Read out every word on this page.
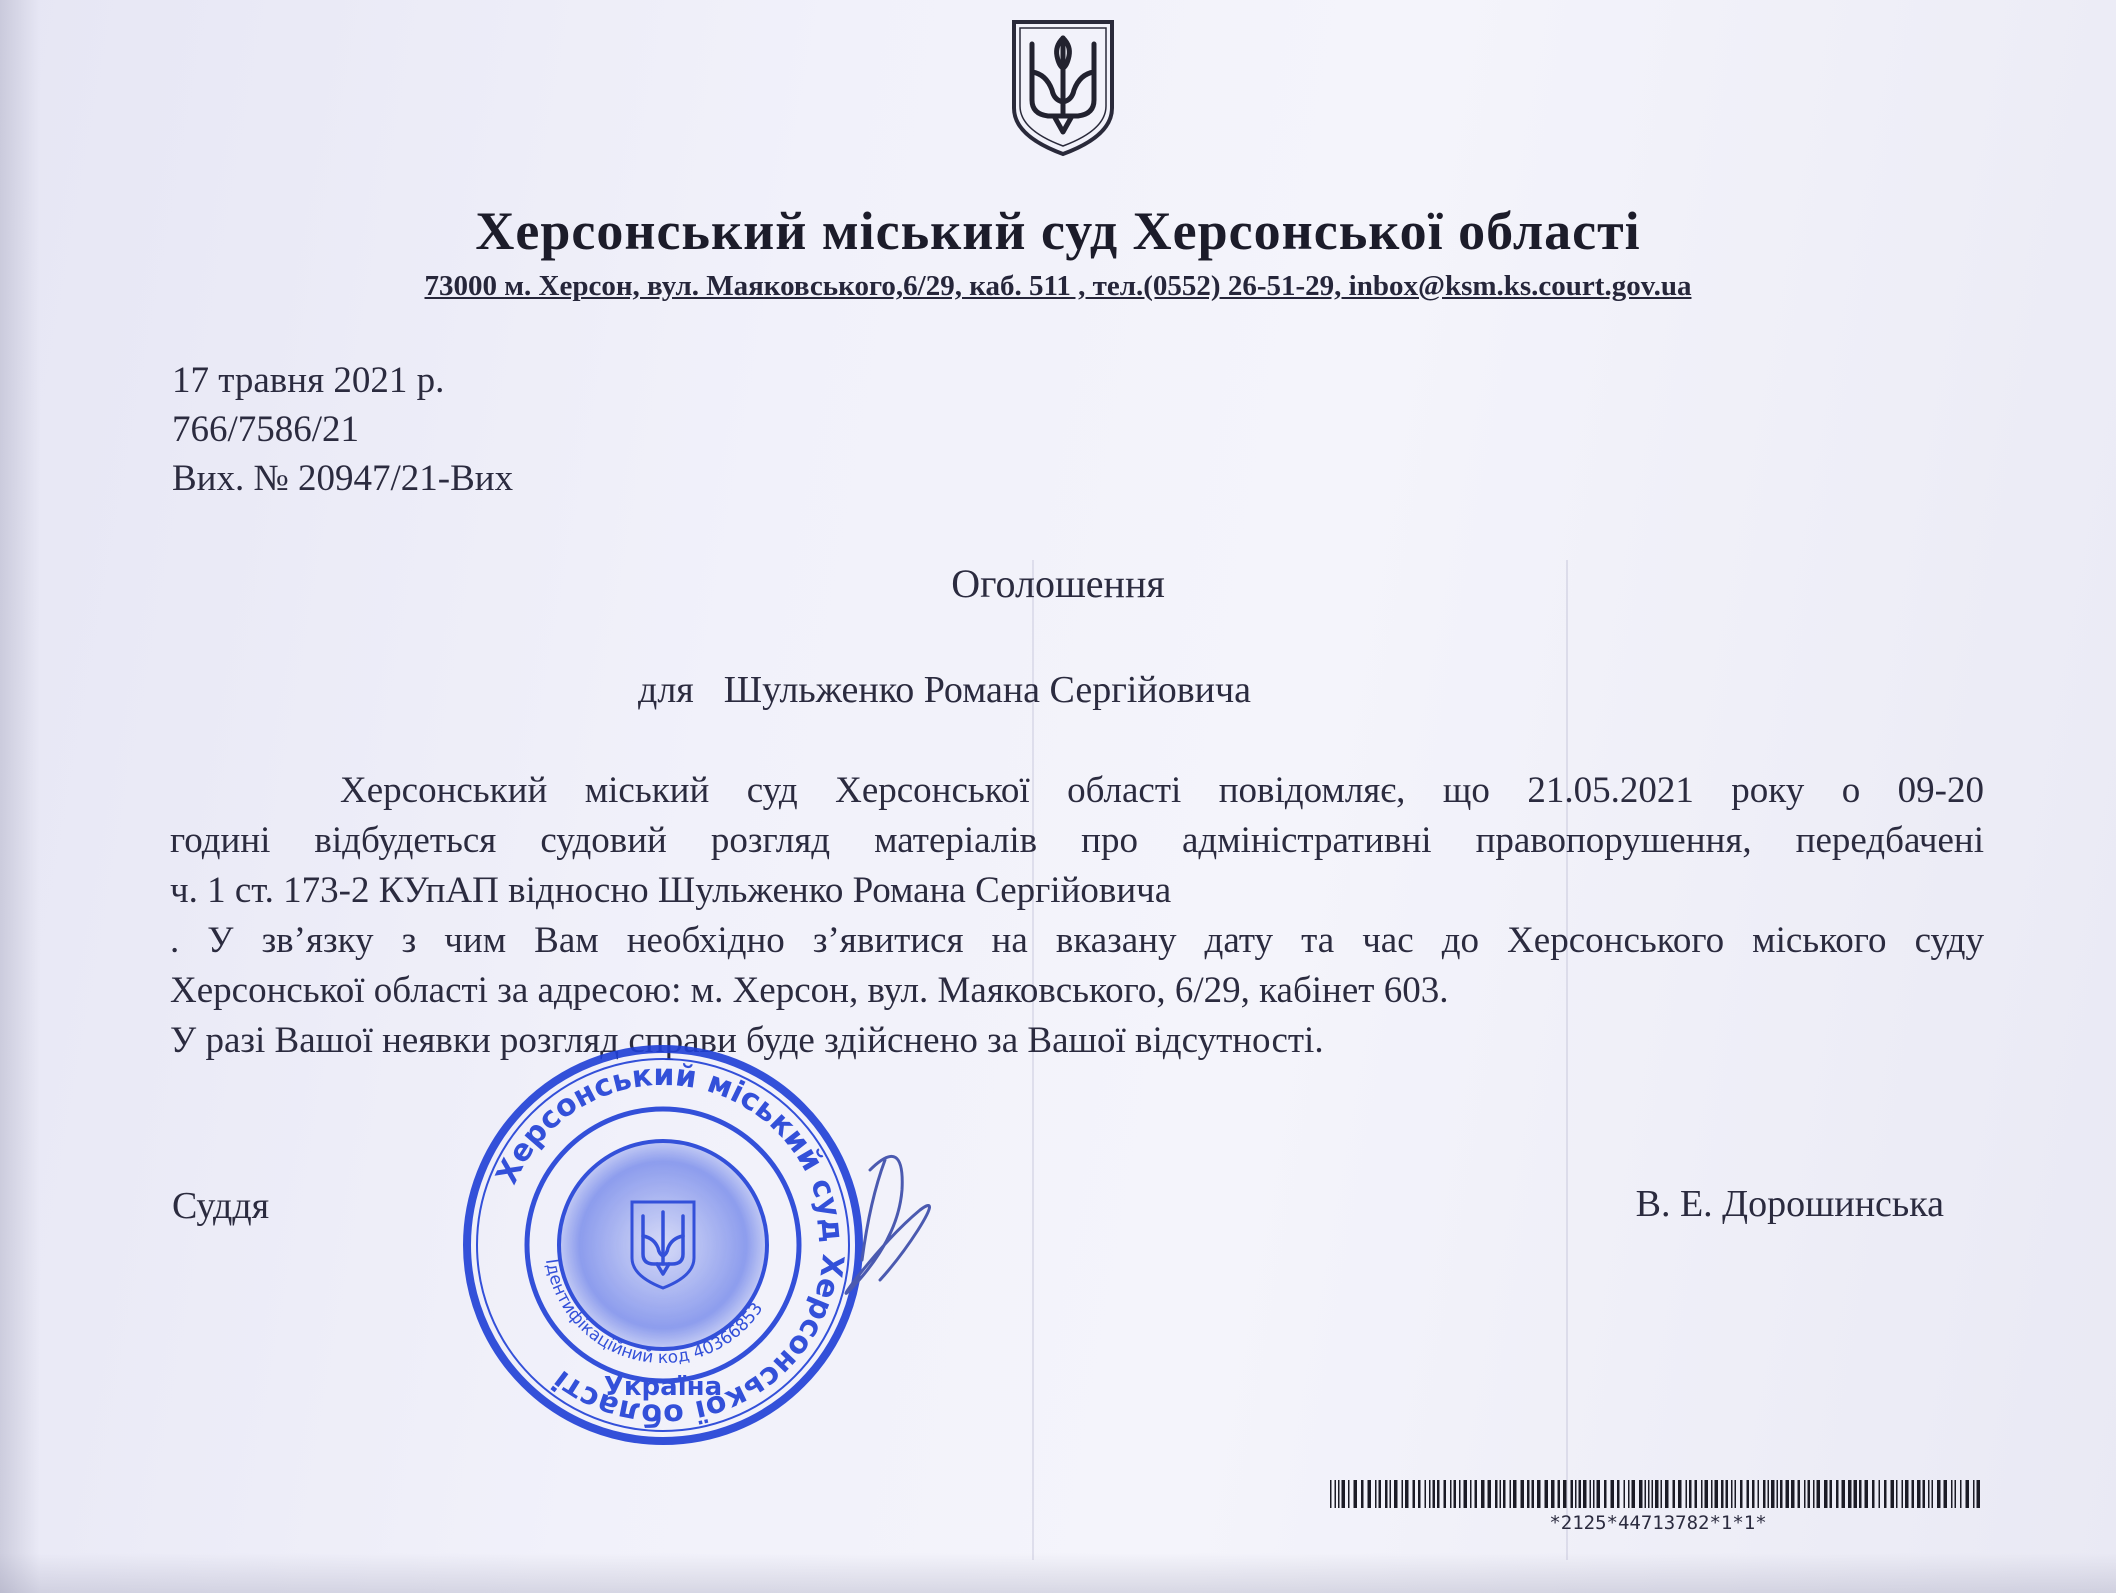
Херсонський міський суд Херсонської області
73000 м. Херсон, вул. Маяковського,6/29, каб. 511 , тел.(0552) 26-51-29, inbox@ksm.ks.court.gov.ua
17 травня 2021 р.
766/7586/21
Вих. № 20947/21-Вих
Оголошення
для Шульженко Романа Сергійовича
Херсонський міський суд Херсонської області повідомляє, що 21.05.2021 року о 09-20
годині відбудеться судовий розгляд матеріалів про адміністративні правопорушення, передбачені
ч. 1 ст. 173-2 КУпАП відносно Шульженко Романа Сергійовича
. У зв’язку з чим Вам необхідно з’явитися на вказану дату та час до Херсонського міського суду
Херсонської області за адресою: м. Херсон, вул. Маяковського, 6/29, кабінет 603.
У разі Вашої неявки розгляд справи буде здійснено за Вашої відсутності.
Суддя	В. Е. Дорошинська
Херсонський міський суд Херсонської області
Ідентифікаційний код 40366853
Україна
*2125*44713782*1*1*
